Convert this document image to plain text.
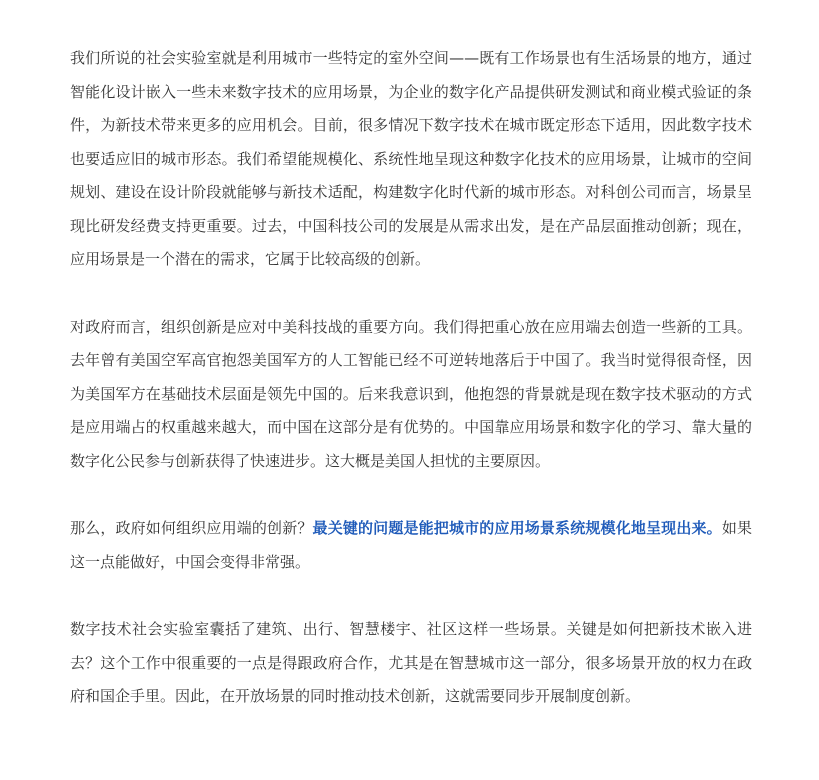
我们所说的社会实验室就是利用城市一些特定的室外空间——既有工作场景也有生活场景的地方，通过智能化设计嵌入一些未来数字技术的应用场景，为企业的数字化产品提供研发测试和商业模式验证的条件，为新技术带来更多的应用机会。目前，很多情况下数字技术在城市既定形态下适用，因此数字技术也要适应旧的城市形态。我们希望能规模化、系统性地呈现这种数字化技术的应用场景，让城市的空间规划、建设在设计阶段就能够与新技术适配，构建数字化时代新的城市形态。对科创公司而言，场景呈现比研发经费支持更重要。过去，中国科技公司的发展是从需求出发，是在产品层面推动创新；现在，应用场景是一个潜在的需求，它属于比较高级的创新。

对政府而言，组织创新是应对中美科技战的重要方向。我们得把重心放在应用端去创造一些新的工具。去年曾有美国空军高官抱怨美国军方的人工智能已经不可逆转地落后于中国了。我当时觉得很奇怪，因为美国军方在基础技术层面是领先中国的。后来我意识到，他抱怨的背景就是现在数字技术驱动的方式是应用端占的权重越来越大，而中国在这部分是有优势的。中国靠应用场景和数字化的学习、靠大量的数字化公民参与创新获得了快速进步。这大概是美国人担忧的主要原因。

那么，政府如何组织应用端的创新？最关键的问题是能把城市的应用场景系统规模化地呈现出来。如果这一点能做好，中国会变得非常强。

数字技术社会实验室囊括了建筑、出行、智慧楼宇、社区这样一些场景。关键是如何把新技术嵌入进去？这个工作中很重要的一点是得跟政府合作，尤其是在智慧城市这一部分，很多场景开放的权力在政府和国企手里。因此，在开放场景的同时推动技术创新，这就需要同步开展制度创新。
